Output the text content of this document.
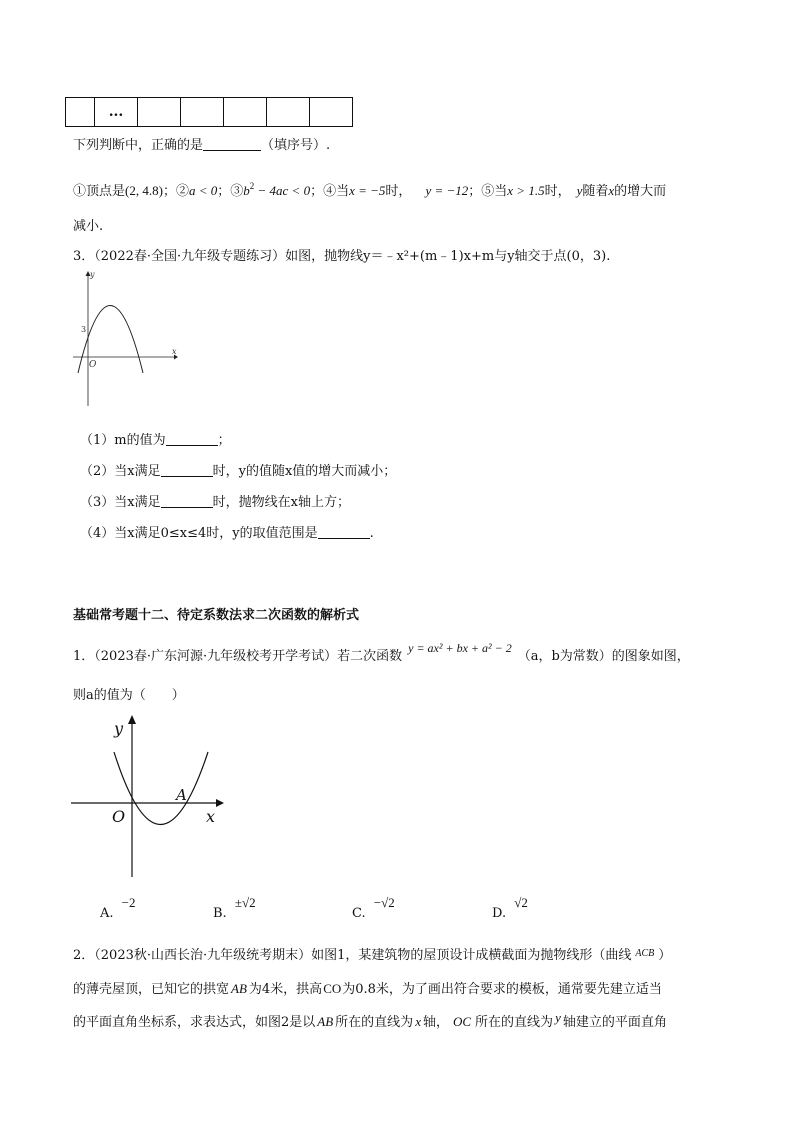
	...					
下列判断中，正确的是	（填序号）.
①顶点是(2, 4.8)；②a < 0；$③b^2 - 4ac < 0$；④当x = −5时， y = −12；⑤当x > 1.5时， y随着x的增大而
减小.
3．（2022春·全国·九年级专题练习）如图，抛物线y＝﹣x²+(m﹣1)x+m与y轴交于点(0，3).
y
x
O
3
（1）m的值为	；
（2）当x满足	时，y的值随x值的增大而减小；
（3）当x满足	时，抛物线在x轴上方；
（4）当x满足0≤x≤4时，y的取值范围是	.
基础常考题十二、待定系数法求二次函数的解析式
1．（2023春·广东河源·九年级校考开学考试）若二次函数y = ax² + bx + a² − 2（a，b为常数）的图象如图，
则a的值为（　　）
y
x
O
A
A. −2
B. ±√2
C. −√2
D. √2
2．（2023秋·山西长治·九年级统考期末）如图1，某建筑物的屋顶设计成横截面为抛物线形（曲线 $^{ACB}$ ）
的薄壳屋顶，已知它的拱宽 AB 为4米，拱高CO为0.8米，为了画出符合要求的模板，通常要先建立适当
的平面直角坐标系，求表达式，如图2是以 AB 所在的直线为 x 轴， OC 所在的直线为 y 轴建立的平面直角
